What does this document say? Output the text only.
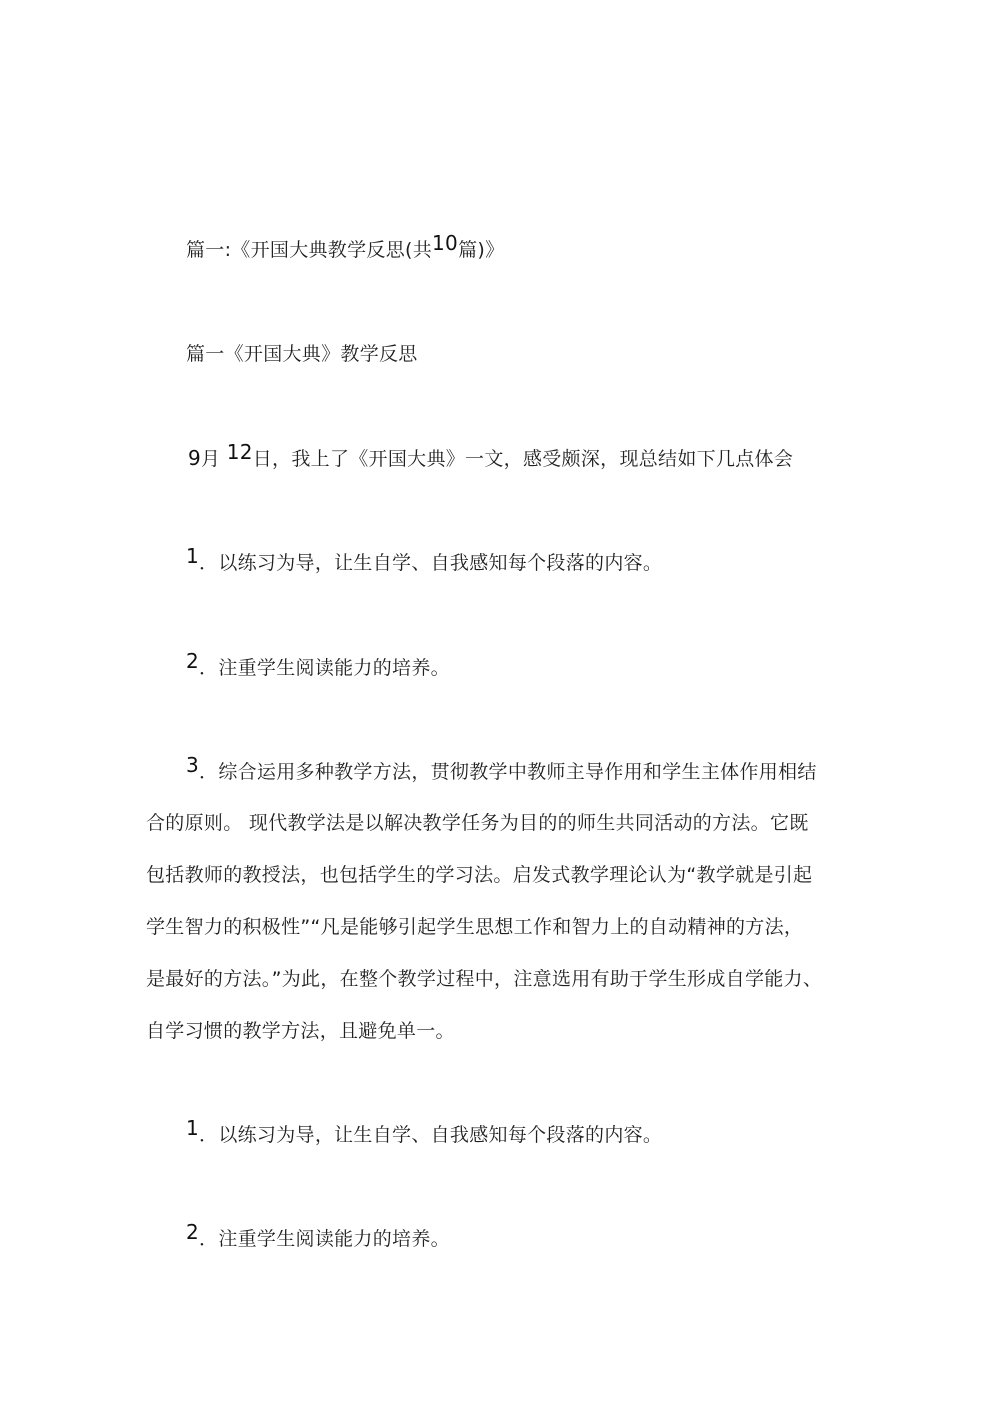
篇一:《开国大典教学反思(共10篇)》
篇一《开国大典》教学反思
9月 12日，我上了《开国大典》一文，感受颇深，现总结如下几点体会
1．以练习为导，让生自学、自我感知每个段落的内容。
2．注重学生阅读能力的培养。
3．综合运用多种教学方法，贯彻教学中教师主导作用和学生主体作用相结
合的原则。 现代教学法是以解决教学任务为目的的师生共同活动的方法。它既
包括教师的教授法，也包括学生的学习法。启发式教学理论认为“教学就是引起
学生智力的积极性”“凡是能够引起学生思想工作和智力上的自动精神的方法，
是最好的方法。”为此，在整个教学过程中，注意选用有助于学生形成自学能力、
自学习惯的教学方法，且避免单一。
1．以练习为导，让生自学、自我感知每个段落的内容。
2．注重学生阅读能力的培养。
